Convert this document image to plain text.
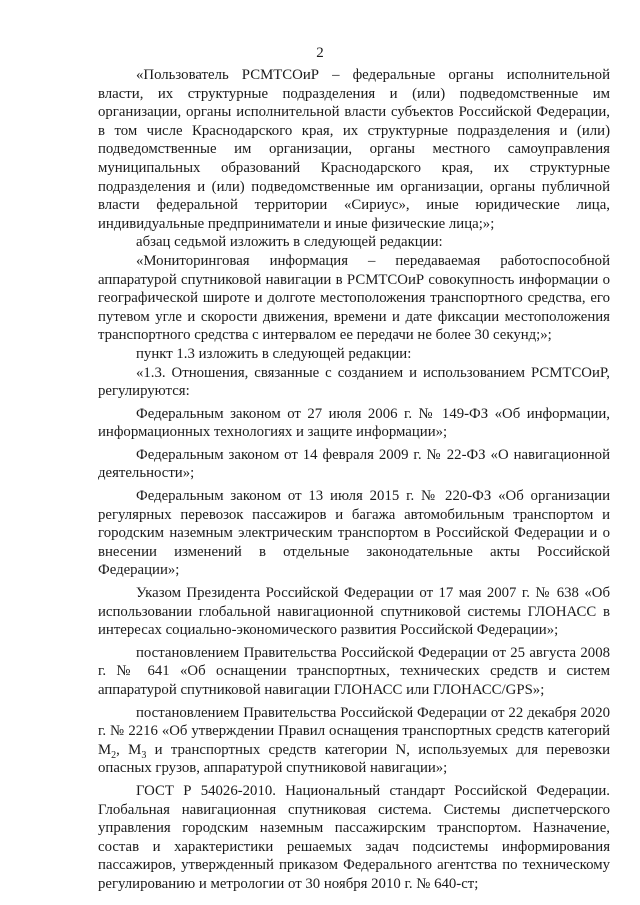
2

«Пользователь РСМТСОиР – федеральные органы исполнительной власти, их структурные подразделения и (или) подведомственные им организации, органы исполнительной власти субъектов Российской Федерации, в том числе Краснодарского края, их структурные подразделения и (или) подведомственные им организации, органы местного самоуправления муниципальных образований Краснодарского края, их структурные подразделения и (или) подведомственные им организации, органы публичной власти федеральной территории «Сириус», иные юридические лица, индивидуальные предприниматели и иные физические лица;»;

абзац седьмой изложить в следующей редакции:

«Мониторинговая информация – передаваемая работоспособной аппаратурой спутниковой навигации в РСМТСОиР совокупность информации о географической широте и долготе местоположения транспортного средства, его путевом угле и скорости движения, времени и дате фиксации местоположения транспортного средства с интервалом ее передачи не более 30 секунд;»;

пункт 1.3 изложить в следующей редакции:

«1.3. Отношения, связанные с созданием и использованием РСМТСОиР, регулируются:

Федеральным законом от 27 июля 2006 г. № 149-ФЗ «Об информации, информационных технологиях и защите информации»;

Федеральным законом от 14 февраля 2009 г. № 22-ФЗ «О навигационной деятельности»;

Федеральным законом от 13 июля 2015 г. № 220-ФЗ «Об организации регулярных перевозок пассажиров и багажа автомобильным транспортом и городским наземным электрическим транспортом в Российской Федерации и о внесении изменений в отдельные законодательные акты Российской Федерации»;

Указом Президента Российской Федерации от 17 мая 2007 г. № 638 «Об использовании глобальной навигационной спутниковой системы ГЛОНАСС в интересах социально-экономического развития Российской Федерации»;

постановлением Правительства Российской Федерации от 25 августа 2008 г. № 641 «Об оснащении транспортных, технических средств и систем аппаратурой спутниковой навигации ГЛОНАСС или ГЛОНАСС/GPS»;

постановлением Правительства Российской Федерации от 22 декабря 2020 г. № 2216 «Об утверждении Правил оснащения транспортных средств категорий $М_2$, $М_3$ и транспортных средств категории N, используемых для перевозки опасных грузов, аппаратурой спутниковой навигации»;

ГОСТ Р 54026-2010. Национальный стандарт Российской Федерации. Глобальная навигационная спутниковая система. Системы диспетчерского управления городским наземным пассажирским транспортом. Назначение, состав и характеристики решаемых задач подсистемы информирования пассажиров, утвержденный приказом Федерального агентства по техническому регулированию и метрологии от 30 ноября 2010 г. № 640-ст;
